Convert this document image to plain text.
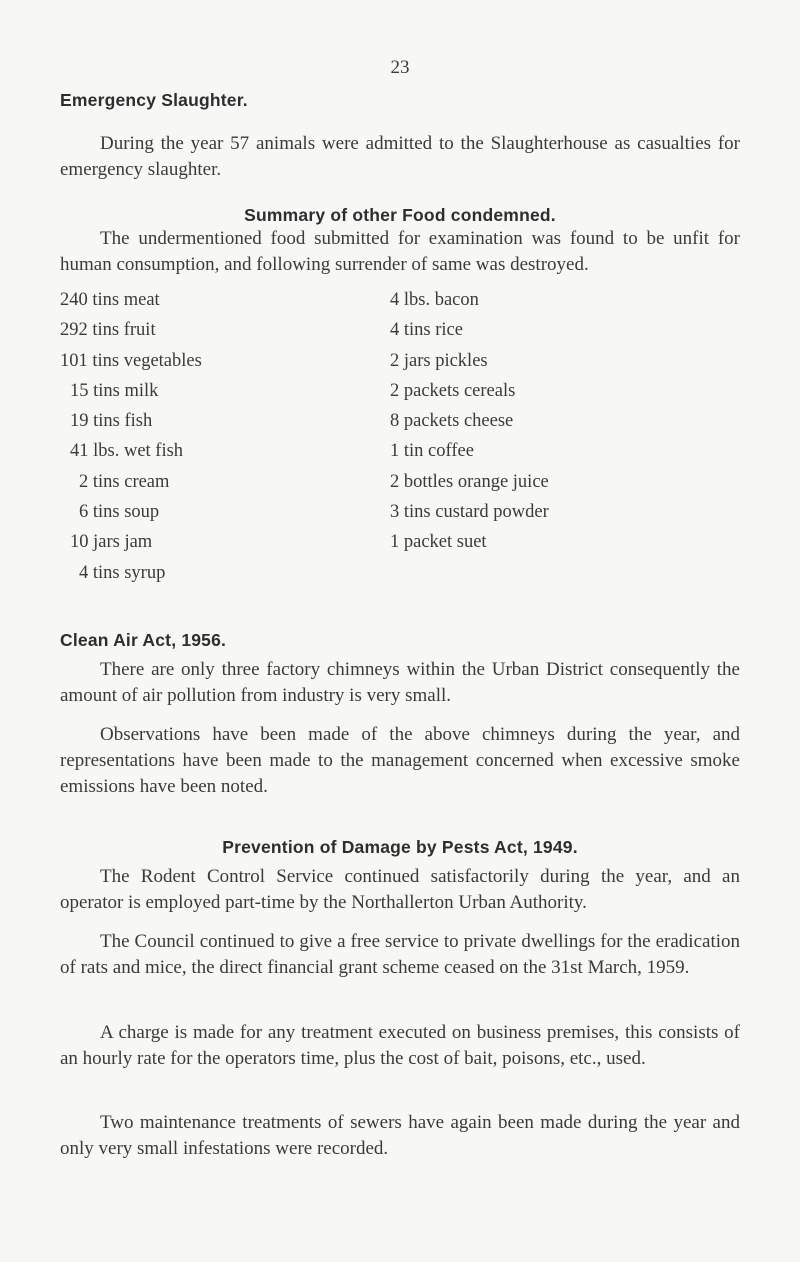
23
Emergency Slaughter.

During the year 57 animals were admitted to the Slaughterhouse as casualties for emergency slaughter.

Summary of other Food condemned.

The undermentioned food submitted for examination was found to be unfit for human consumption, and following surrender of same was destroyed.

240 tins meat
292 tins fruit
101 tins vegetables
15 tins milk
19 tins fish
41 lbs. wet fish
2 tins cream
6 tins soup
10 jars jam
4 tins syrup
4 lbs. bacon
4 tins rice
2 jars pickles
2 packets cereals
8 packets cheese
1 tin coffee
2 bottles orange juice
3 tins custard powder
1 packet suet
Clean Air Act, 1956.

There are only three factory chimneys within the Urban District consequently the amount of air pollution from industry is very small.

Observations have been made of the above chimneys during the year, and representations have been made to the management concerned when excessive smoke emissions have been noted.

Prevention of Damage by Pests Act, 1949.

The Rodent Control Service continued satisfactorily during the year, and an operator is employed part-time by the Northallerton Urban Authority.

The Council continued to give a free service to private dwellings for the eradication of rats and mice, the direct financial grant scheme ceased on the 31st March, 1959.

A charge is made for any treatment executed on business premises, this consists of an hourly rate for the operators time, plus the cost of bait, poisons, etc., used.

Two maintenance treatments of sewers have again been made during the year and only very small infestations were recorded.
